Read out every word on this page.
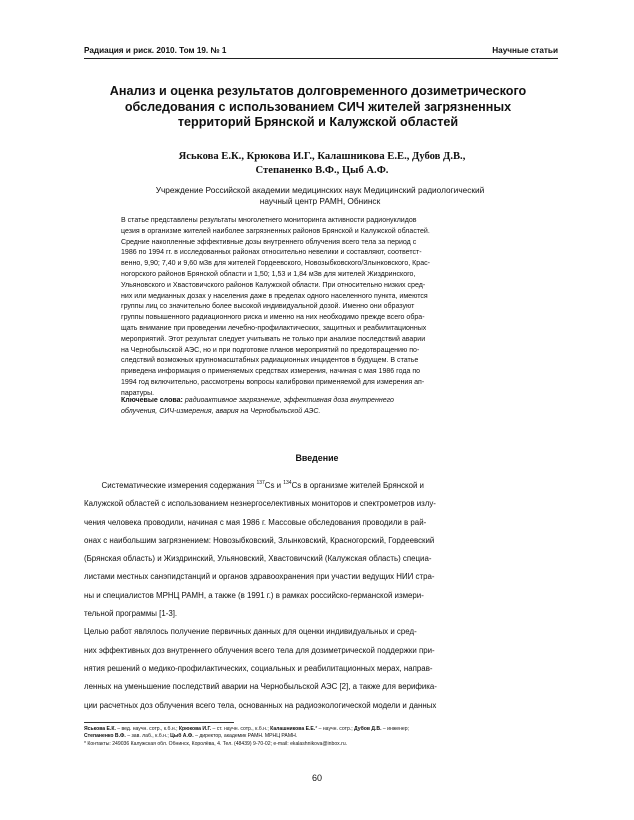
Радиация и риск. 2010. Том 19. № 1	Научные статьи
Анализ и оценка результатов долговременного дозиметрического
обследования с использованием СИЧ жителей загрязненных
территорий Брянской и Калужской областей
Яськова Е.К., Крюкова И.Г., Калашникова Е.Е., Дубов Д.В.,
Степаненко В.Ф., Цыб А.Ф.
Учреждение Российской академии медицинских наук Медицинский радиологический
научный центр РАМН, Обнинск
В статье представлены результаты многолетнего мониторинга активности радионуклидов
цезия в организме жителей наиболее загрязненных районов Брянской и Калужской областей.
Средние накопленные эффективные дозы внутреннего облучения всего тела за период с
1986 по 1994 гг. в исследованных районах относительно невелики и составляют, соответст-
венно, 9,90; 7,40 и 9,60 мЗв для жителей Гордеевского, Новозыбковского/Злынковского, Крас-
ногорского районов Брянской области и 1,50; 1,53 и 1,84 мЗв для жителей Жиздринского,
Ульяновского и Хвастовичского районов Калужской области. При относительно низких сред-
них или медианных дозах у населения даже в пределах одного населенного пункта, имеются
группы лиц со значительно более высокой индивидуальной дозой. Именно они образуют
группы повышенного радиационного риска и именно на них необходимо прежде всего обра-
щать внимание при проведении лечебно-профилактических, защитных и реабилитационных
мероприятий. Этот результат следует учитывать не только при анализе последствий аварии
на Чернобыльской АЭС, но и при подготовке планов мероприятий по предотвращению по-
следствий возможных крупномасштабных радиационных инцидентов в будущем. В статье
приведена информация о применяемых средствах измерения, начиная с мая 1986 года по
1994 год включительно, рассмотрены вопросы калибровки применяемой для измерения ап-
паратуры.
Ключевые слова: радиоактивное загрязнение, эффективная доза внутреннего
облучения, СИЧ-измерения, авария на Чернобыльской АЭС.
Введение
Систематические измерения содержания $^{137}$Cs и $^{134}$Cs в организме жителей Брянской и
Калужской областей с использованием незнергоселективных мониторов и спектрометров излу-
чения человека проводили, начиная с мая 1986 г. Массовые обследования проводили в рай-
онах с наибольшим загрязнением: Новозыбковский, Злынковский, Красногорский, Гордеевский
(Брянская область) и Жиздринский, Ульяновский, Хвастовичский (Калужская область) специа-
листами местных санэпидстанций и органов здравоохранения при участии ведущих НИИ стра-
ны и специалистов МРНЦ РАМН, а также (в 1991 г.) в рамках российско-германской измери-
тельной программы [1-3].
Целью работ являлось получение первичных данных для оценки индивидуальных и сред-
них эффективных доз внутреннего облучения всего тела для дозиметрической поддержки при-
нятия решений о медико-профилактических, социальных и реабилитационных мерах, направ-
ленных на уменьшение последствий аварии на Чернобыльской АЭС [2], а также для верифика-
ции расчетных доз облучения всего тела, основанных на радиоэкологической модели и данных
Яськова Е.К. – вед. научн. сотр., к.б.н.; Крюкова И.Г. – ст. научн. сотр., к.б.н.; Калашникова Е.Е.* – научн. сотр.; Дубов Д.В. – инженер;
Степаненко В.Ф. – зав. лаб., к.б.н.; Цыб А.Ф. – директор, академик РАМН. МРНЦ РАМН.
* Контакты: 249036 Калужская обл. Обнинск, Королёва, 4. Тел. (48439) 9-70-02; e-mail: ekalashnikova@inbox.ru.
60
